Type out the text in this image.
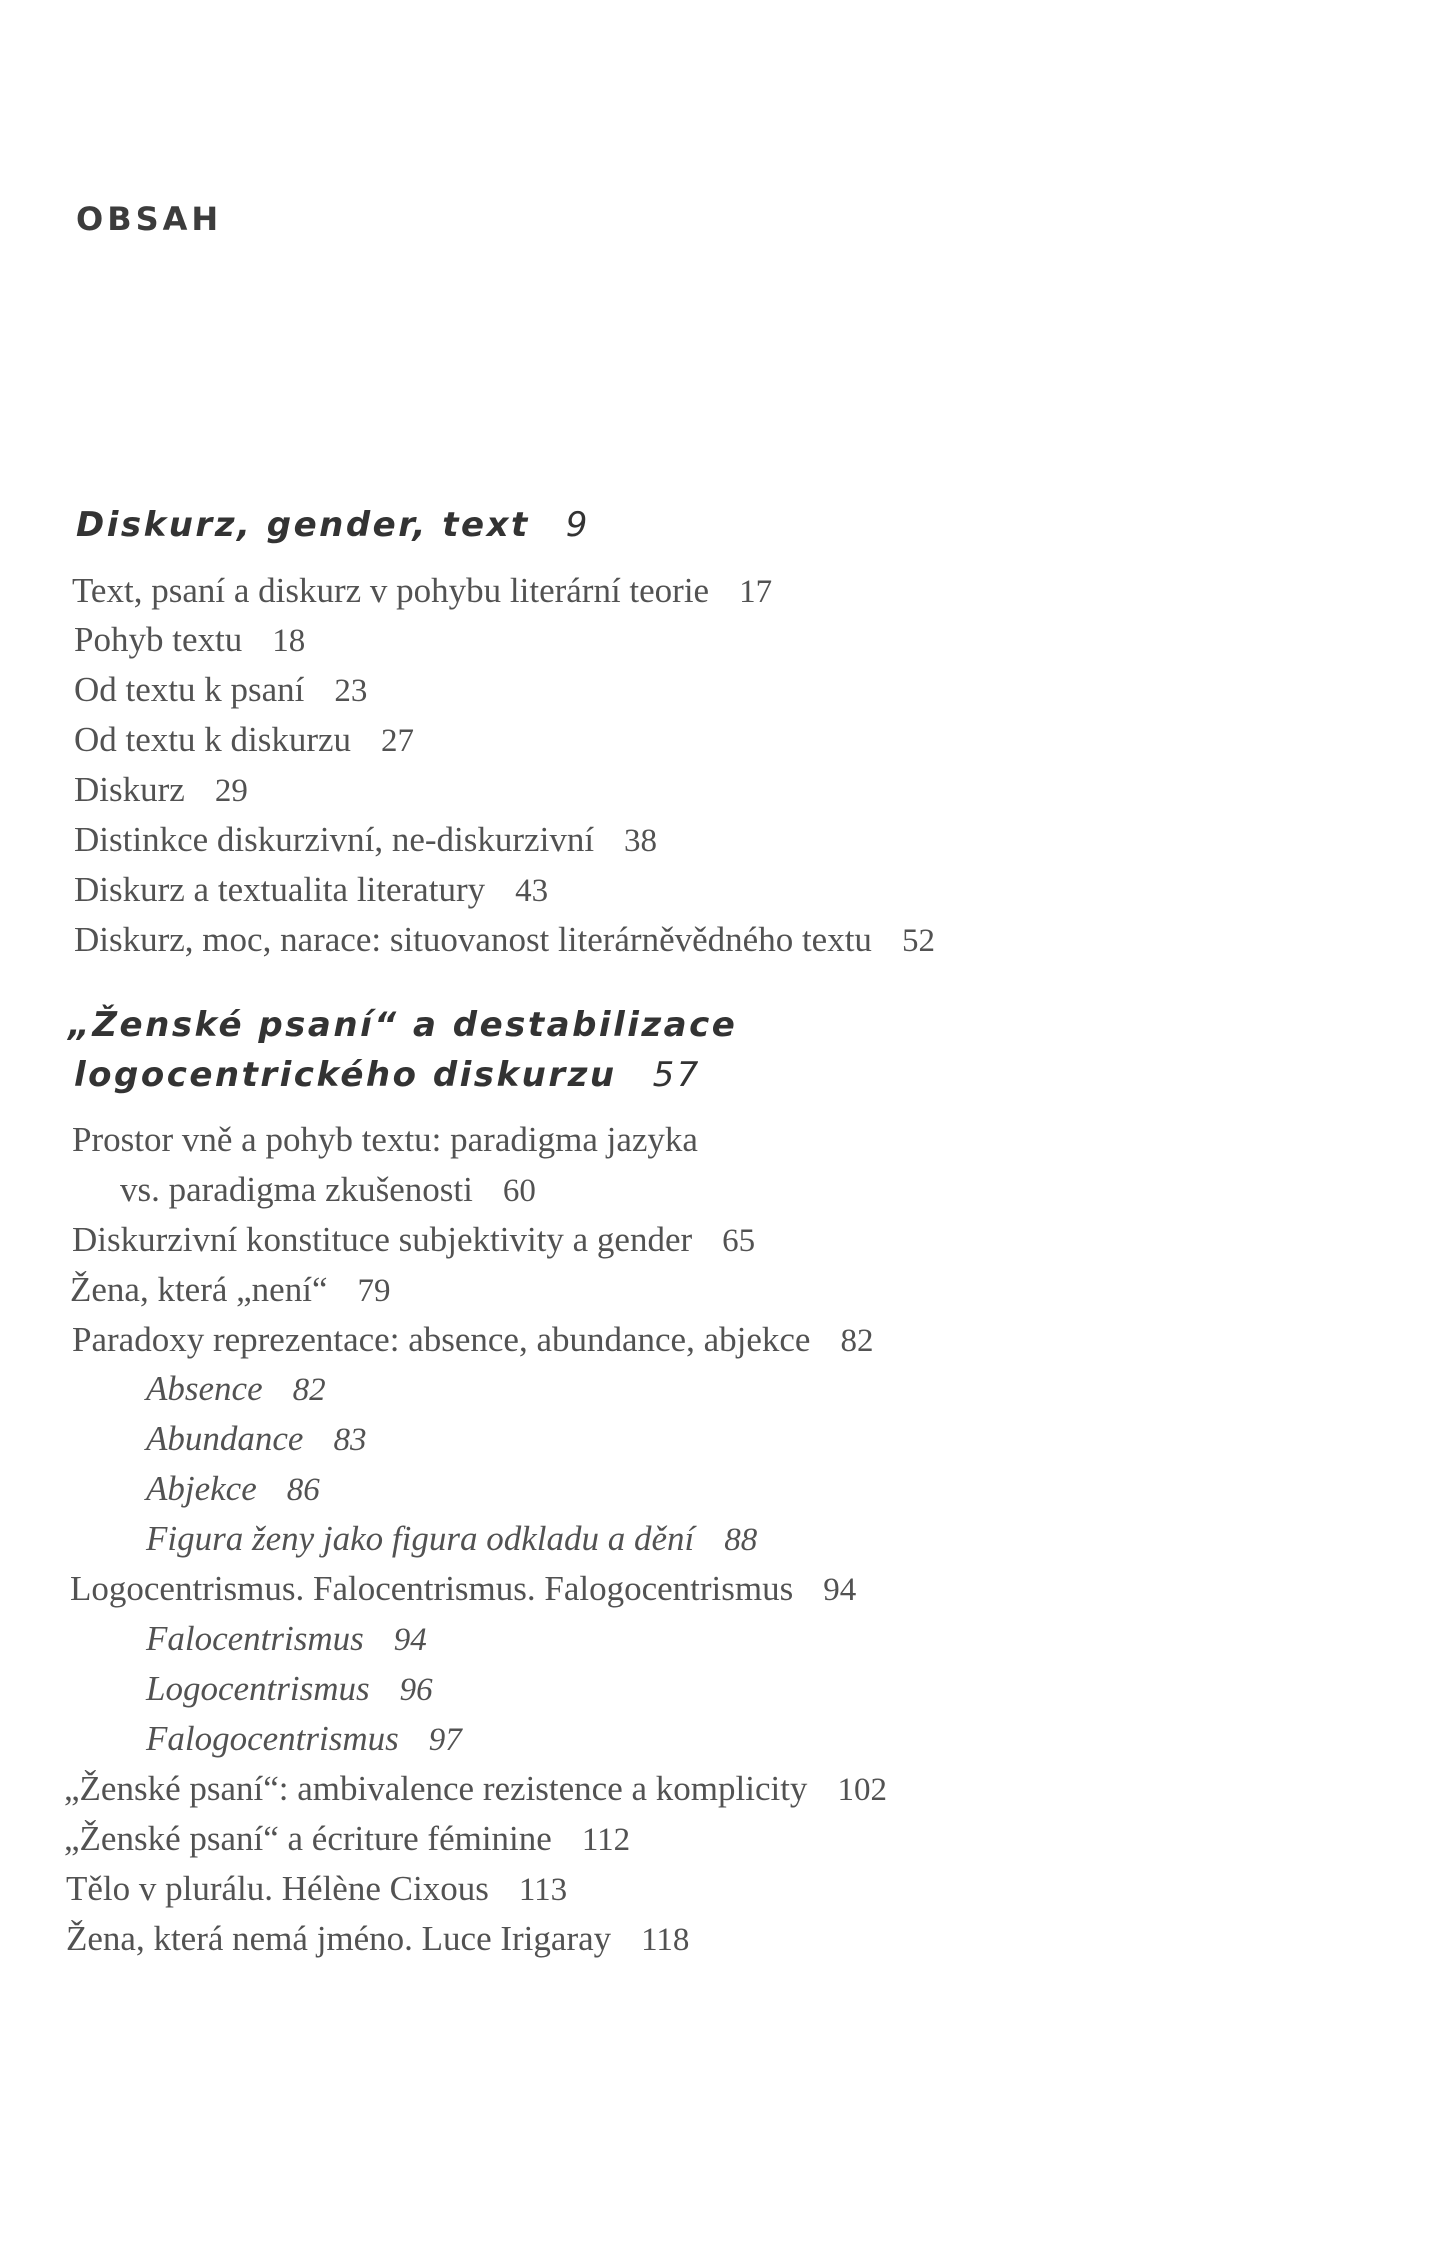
OBSAH
Diskurz, gender, text 9
Text, psaní a diskurz v pohybu literární teorie 17
Pohyb textu 18
Od textu k psaní 23
Od textu k diskurzu 27
Diskurz 29
Distinkce diskurzivní, ne-diskurzivní 38
Diskurz a textualita literatury 43
Diskurz, moc, narace: situovanost literárněvědného textu 52
„Ženské psaní“ a destabilizace
logocentrického diskurzu 57
Prostor vně a pohyb textu: paradigma jazyka
vs. paradigma zkušenosti 60
Diskurzivní konstituce subjektivity a gender 65
Žena, která „není“ 79
Paradoxy reprezentace: absence, abundance, abjekce 82
Absence 82
Abundance 83
Abjekce 86
Figura ženy jako figura odkladu a dění 88
Logocentrismus. Falocentrismus. Falogocentrismus 94
Falocentrismus 94
Logocentrismus 96
Falogocentrismus 97
„Ženské psaní“: ambivalence rezistence a komplicity 102
„Ženské psaní“ a écriture féminine 112
Tělo v plurálu. Hélène Cixous 113
Žena, která nemá jméno. Luce Irigaray 118
